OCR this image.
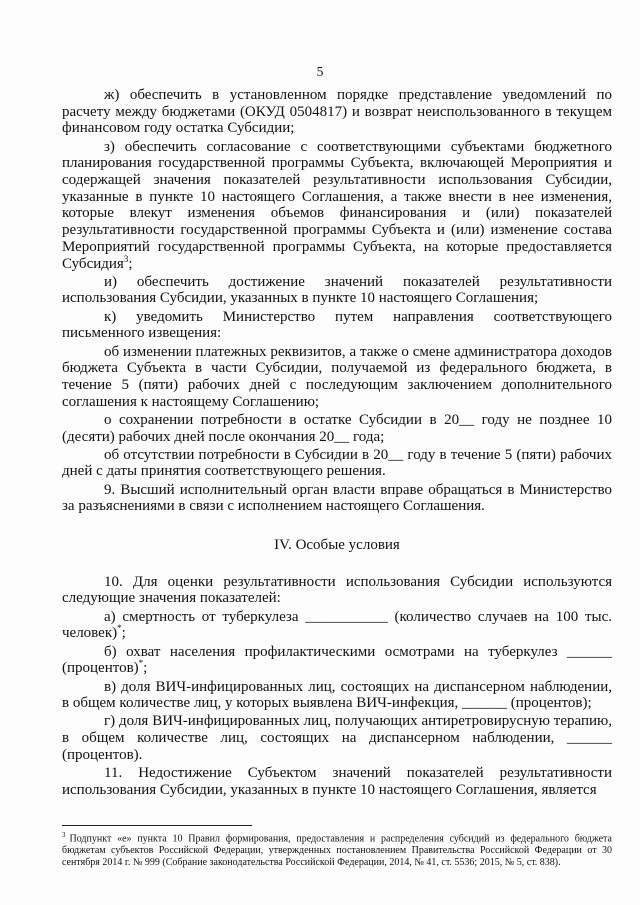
5

ж) обеспечить в установленном порядке представление уведомлений по расчету между бюджетами (ОКУД 0504817) и возврат неиспользованного в текущем финансовом году остатка Субсидии;

з) обеспечить согласование с соответствующими субъектами бюджетного планирования государственной программы Субъекта, включающей Мероприятия и содержащей значения показателей результативности использования Субсидии, указанные в пункте 10 настоящего Соглашения, а также внести в нее изменения, которые влекут изменения объемов финансирования и (или) показателей результативности государственной программы Субъекта и (или) изменение состава Мероприятий государственной программы Субъекта, на которые предоставляется Субсидия$^3$;

и) обеспечить достижение значений показателей результативности использования Субсидии, указанных в пункте 10 настоящего Соглашения;

к) уведомить Министерство путем направления соответствующего письменного извещения:

об изменении платежных реквизитов, а также о смене администратора доходов бюджета Субъекта в части Субсидии, получаемой из федерального бюджета, в течение 5 (пяти) рабочих дней с последующим заключением дополнительного соглашения к настоящему Соглашению;

о сохранении потребности в остатке Субсидии в 20__ году не позднее 10 (десяти) рабочих дней после окончания 20__ года;

об отсутствии потребности в Субсидии в 20__ году в течение 5 (пяти) рабочих дней с даты принятия соответствующего решения.

9. Высший исполнительный орган власти вправе обращаться в Министерство за разъяснениями в связи с исполнением настоящего Соглашения.

IV. Особые условия

10. Для оценки результативности использования Субсидии используются следующие значения показателей:

а) смертность от туберкулеза ___________ (количество случаев на 100 тыс. человек)*;

б) охват населения профилактическими осмотрами на туберкулез ______ (процентов)*;

в) доля ВИЧ-инфицированных лиц, состоящих на диспансерном наблюдении, в общем количестве лиц, у которых выявлена ВИЧ-инфекция, ______ (процентов);

г) доля ВИЧ-инфицированных лиц, получающих антиретровирусную терапию, в общем количестве лиц, состоящих на диспансерном наблюдении, ______ (процентов).

11. Недостижение Субъектом значений показателей результативности использования Субсидии, указанных в пункте 10 настоящего Соглашения, является

$^3$ Подпункт «е» пункта 10 Правил формирования, предоставления и распределения субсидий из федерального бюджета бюджетам субъектов Российской Федерации, утвержденных постановлением Правительства Российской Федерации от 30 сентября 2014 г. № 999 (Собрание законодательства Российской Федерации, 2014, № 41, ст. 5536; 2015, № 5, ст. 838).
